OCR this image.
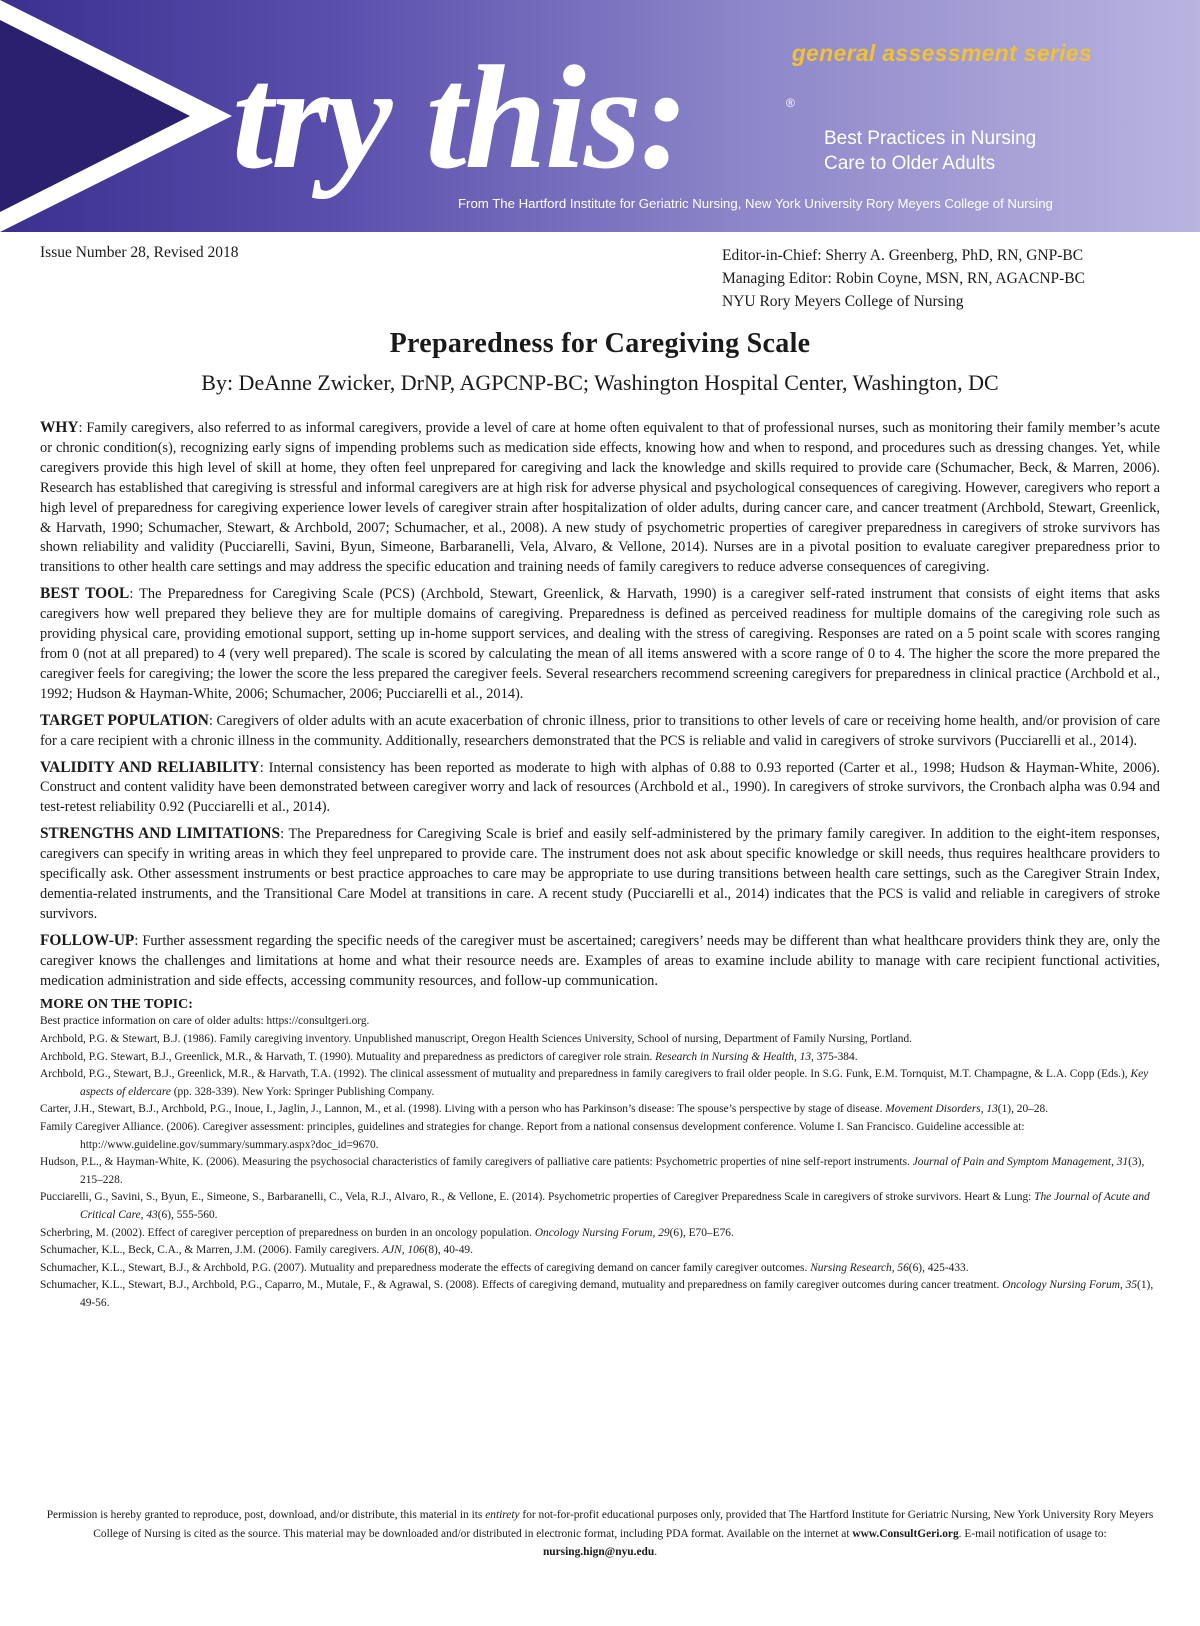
general assessment series
try this:	®
Best Practices in Nursing
Care to Older Adults
From The Hartford Institute for Geriatric Nursing, New York University Rory Meyers College of Nursing
Issue Number 28, Revised 2018	Editor-in-Chief: Sherry A. Greenberg, PhD, RN, GNP-BC
Managing Editor: Robin Coyne, MSN, RN, AGACNP-BC
NYU Rory Meyers College of Nursing
Preparedness for Caregiving Scale
By: DeAnne Zwicker, DrNP, AGPCNP-BC; Washington Hospital Center, Washington, DC

WHY: Family caregivers, also referred to as informal caregivers, provide a level of care at home often equivalent to that of professional nurses, such as monitoring their family member’s acute or chronic condition(s), recognizing early signs of impending problems such as medication side effects, knowing how and when to respond, and procedures such as dressing changes. Yet, while caregivers provide this high level of skill at home, they often feel unprepared for caregiving and lack the knowledge and skills required to provide care (Schumacher, Beck, & Marren, 2006). Research has established that caregiving is stressful and informal caregivers are at high risk for adverse physical and psychological consequences of caregiving. However, caregivers who report a high level of preparedness for caregiving experience lower levels of caregiver strain after hospitalization of older adults, during cancer care, and cancer treatment (Archbold, Stewart, Greenlick, & Harvath, 1990; Schumacher, Stewart, & Archbold, 2007; Schumacher, et al., 2008). A new study of psychometric properties of caregiver preparedness in caregivers of stroke survivors has shown reliability and validity (Pucciarelli, Savini, Byun, Simeone, Barbaranelli, Vela, Alvaro, & Vellone, 2014). Nurses are in a pivotal position to evaluate caregiver preparedness prior to transitions to other health care settings and may address the specific education and training needs of family caregivers to reduce adverse consequences of caregiving.

BEST TOOL: The Preparedness for Caregiving Scale (PCS) (Archbold, Stewart, Greenlick, & Harvath, 1990) is a caregiver self-rated instrument that consists of eight items that asks caregivers how well prepared they believe they are for multiple domains of caregiving. Preparedness is defined as perceived readiness for multiple domains of the caregiving role such as providing physical care, providing emotional support, setting up in-home support services, and dealing with the stress of caregiving. Responses are rated on a 5 point scale with scores ranging from 0 (not at all prepared) to 4 (very well prepared). The scale is scored by calculating the mean of all items answered with a score range of 0 to 4. The higher the score the more prepared the caregiver feels for caregiving; the lower the score the less prepared the caregiver feels. Several researchers recommend screening caregivers for preparedness in clinical practice (Archbold et al., 1992; Hudson & Hayman-White, 2006; Schumacher, 2006; Pucciarelli et al., 2014).

TARGET POPULATION: Caregivers of older adults with an acute exacerbation of chronic illness, prior to transitions to other levels of care or receiving home health, and/or provision of care for a care recipient with a chronic illness in the community. Additionally, researchers demonstrated that the PCS is reliable and valid in caregivers of stroke survivors (Pucciarelli et al., 2014).

VALIDITY AND RELIABILITY: Internal consistency has been reported as moderate to high with alphas of 0.88 to 0.93 reported (Carter et al., 1998; Hudson & Hayman-White, 2006). Construct and content validity have been demonstrated between caregiver worry and lack of resources (Archbold et al., 1990). In caregivers of stroke survivors, the Cronbach alpha was 0.94 and test-retest reliability 0.92 (Pucciarelli et al., 2014).

STRENGTHS AND LIMITATIONS: The Preparedness for Caregiving Scale is brief and easily self-administered by the primary family caregiver. In addition to the eight-item responses, caregivers can specify in writing areas in which they feel unprepared to provide care. The instrument does not ask about specific knowledge or skill needs, thus requires healthcare providers to specifically ask. Other assessment instruments or best practice approaches to care may be appropriate to use during transitions between health care settings, such as the Caregiver Strain Index, dementia-related instruments, and the Transitional Care Model at transitions in care. A recent study (Pucciarelli et al., 2014) indicates that the PCS is valid and reliable in caregivers of stroke survivors.

FOLLOW-UP: Further assessment regarding the specific needs of the caregiver must be ascertained; caregivers’ needs may be different than what healthcare providers think they are, only the caregiver knows the challenges and limitations at home and what their resource needs are. Examples of areas to examine include ability to manage with care recipient functional activities, medication administration and side effects, accessing community resources, and follow-up communication.

MORE ON THE TOPIC:

Best practice information on care of older adults: https://consultgeri.org.

Archbold, P.G. & Stewart, B.J. (1986). Family caregiving inventory. Unpublished manuscript, Oregon Health Sciences University, School of nursing, Department of Family Nursing, Portland.

Archbold, P.G. Stewart, B.J., Greenlick, M.R., & Harvath, T. (1990). Mutuality and preparedness as predictors of caregiver role strain. Research in Nursing & Health, 13, 375-384.

Archbold, P.G., Stewart, B.J., Greenlick, M.R., & Harvath, T.A. (1992). The clinical assessment of mutuality and preparedness in family caregivers to frail older people. In S.G. Funk, E.M. Tornquist, M.T. Champagne, & L.A. Copp (Eds.), Key aspects of eldercare (pp. 328-339). New York: Springer Publishing Company.

Carter, J.H., Stewart, B.J., Archbold, P.G., Inoue, I., Jaglin, J., Lannon, M., et al. (1998). Living with a person who has Parkinson’s disease: The spouse’s perspective by stage of disease. Movement Disorders, 13(1), 20–28.

Family Caregiver Alliance. (2006). Caregiver assessment: principles, guidelines and strategies for change. Report from a national consensus development conference. Volume I. San Francisco. Guideline accessible at: http://www.guideline.gov/summary/summary.aspx?doc_id=9670.

Hudson, P.L., & Hayman-White, K. (2006). Measuring the psychosocial characteristics of family caregivers of palliative care patients: Psychometric properties of nine self-report instruments. Journal of Pain and Symptom Management, 31(3), 215–228.

Pucciarelli, G., Savini, S., Byun, E., Simeone, S., Barbaranelli, C., Vela, R.J., Alvaro, R., & Vellone, E. (2014). Psychometric properties of Caregiver Preparedness Scale in caregivers of stroke survivors. Heart & Lung: The Journal of Acute and Critical Care, 43(6), 555-560.

Scherbring, M. (2002). Effect of caregiver perception of preparedness on burden in an oncology population. Oncology Nursing Forum, 29(6), E70–E76.

Schumacher, K.L., Beck, C.A., & Marren, J.M. (2006). Family caregivers. AJN, 106(8), 40-49.

Schumacher, K.L., Stewart, B.J., & Archbold, P.G. (2007). Mutuality and preparedness moderate the effects of caregiving demand on cancer family caregiver outcomes. Nursing Research, 56(6), 425-433.

Schumacher, K.L., Stewart, B.J., Archbold, P.G., Caparro, M., Mutale, F., & Agrawal, S. (2008). Effects of caregiving demand, mutuality and preparedness on family caregiver outcomes during cancer treatment. Oncology Nursing Forum, 35(1), 49-56.

Permission is hereby granted to reproduce, post, download, and/or distribute, this material in its entirety for not-for-profit educational purposes only, provided that The Hartford Institute for Geriatric Nursing, New York University Rory Meyers College of Nursing is cited as the source. This material may be downloaded and/or distributed in electronic format, including PDA format. Available on the internet at www.ConsultGeri.org. E-mail notification of usage to: nursing.hign@nyu.edu.
